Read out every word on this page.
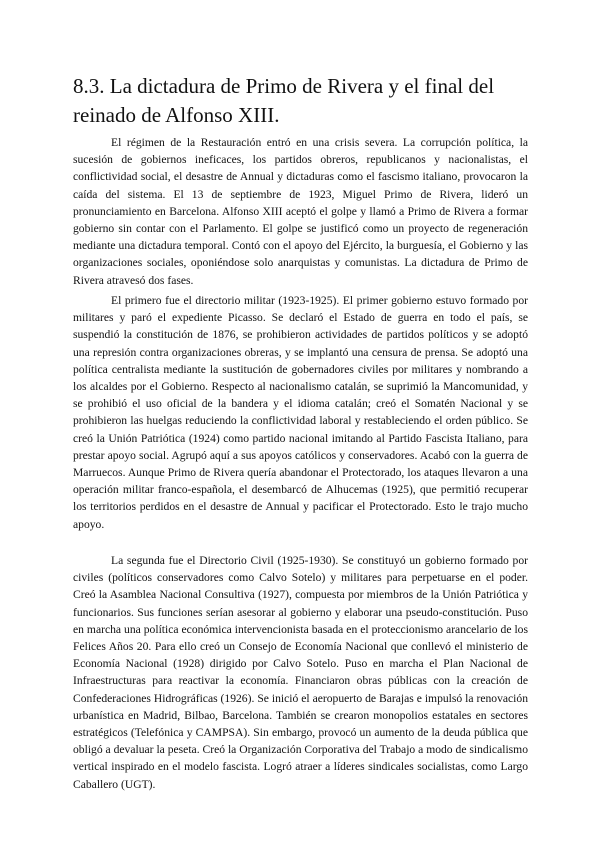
8.3. La dictadura de Primo de Rivera y el final del reinado de Alfonso XIII.

El régimen de la Restauración entró en una crisis severa. La corrupción política, la sucesión de gobiernos ineficaces, los partidos obreros, republicanos y nacionalistas, el conflictividad social, el desastre de Annual y dictaduras como el fascismo italiano, provocaron la caída del sistema. El 13 de septiembre de 1923, Miguel Primo de Rivera, lideró un pronunciamiento en Barcelona. Alfonso XIII aceptó el golpe y llamó a Primo de Rivera a formar gobierno sin contar con el Parlamento. El golpe se justificó como un proyecto de regeneración mediante una dictadura temporal. Contó con el apoyo del Ejército, la burguesía, el Gobierno y las organizaciones sociales, oponiéndose solo anarquistas y comunistas. La dictadura de Primo de Rivera atravesó dos fases.

El primero fue el directorio militar (1923-1925). El primer gobierno estuvo formado por militares y paró el expediente Picasso. Se declaró el Estado de guerra en todo el país, se suspendió la constitución de 1876, se prohibieron actividades de partidos políticos y se adoptó una represión contra organizaciones obreras, y se implantó una censura de prensa. Se adoptó una política centralista mediante la sustitución de gobernadores civiles por militares y nombrando a los alcaldes por el Gobierno. Respecto al nacionalismo catalán, se suprimió la Mancomunidad, y se prohibió el uso oficial de la bandera y el idioma catalán; creó el Somatén Nacional y se prohibieron las huelgas reduciendo la conflictividad laboral y restableciendo el orden público. Se creó la Unión Patriótica (1924) como partido nacional imitando al Partido Fascista Italiano, para prestar apoyo social. Agrupó aquí a sus apoyos católicos y conservadores. Acabó con la guerra de Marruecos. Aunque Primo de Rivera quería abandonar el Protectorado, los ataques llevaron a una operación militar franco-española, el desembarcó de Alhucemas (1925), que permitió recuperar los territorios perdidos en el desastre de Annual y pacificar el Protectorado. Esto le trajo mucho apoyo.

La segunda fue el Directorio Civil (1925-1930). Se constituyó un gobierno formado por civiles (políticos conservadores como Calvo Sotelo) y militares para perpetuarse en el poder. Creó la Asamblea Nacional Consultiva (1927), compuesta por miembros de la Unión Patriótica y funcionarios. Sus funciones serían asesorar al gobierno y elaborar una pseudo-constitución. Puso en marcha una política económica intervencionista basada en el proteccionismo arancelario de los Felices Años 20. Para ello creó un Consejo de Economía Nacional que conllevó el ministerio de Economía Nacional (1928) dirigido por Calvo Sotelo. Puso en marcha el Plan Nacional de Infraestructuras para reactivar la economía. Financiaron obras públicas con la creación de Confederaciones Hidrográficas (1926). Se inició el aeropuerto de Barajas e impulsó la renovación urbanística en Madrid, Bilbao, Barcelona. También se crearon monopolios estatales en sectores estratégicos (Telefónica y CAMPSA). Sin embargo, provocó un aumento de la deuda pública que obligó a devaluar la peseta. Creó la Organización Corporativa del Trabajo a modo de sindicalismo vertical inspirado en el modelo fascista. Logró atraer a líderes sindicales socialistas, como Largo Caballero (UGT).
